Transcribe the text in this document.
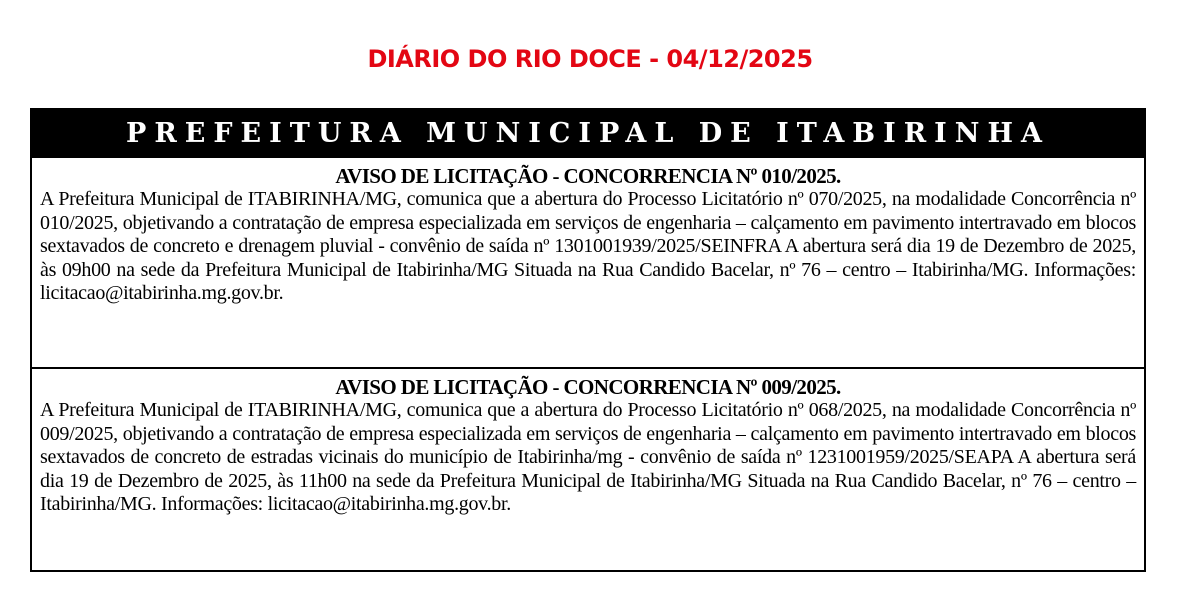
DIÁRIO DO RIO DOCE - 04/12/2025
PREFEITURA MUNICIPAL DE ITABIRINHA
AVISO DE LICITAÇÃO - CONCORRENCIA Nº 010/2025.

A Prefeitura Municipal de ITABIRINHA/MG, comunica que a abertura do Processo Licitatório nº 070/2025, na modalidade Concorrência nº 010/2025, objetivando a contratação de empresa especializada em serviços de engenharia – calçamento em pavimento intertravado em blocos sextavados de concreto e drenagem pluvial - convênio de saída nº 1301001939/2025/SEINFRA A abertura será dia 19 de Dezembro de 2025, às 09h00 na sede da Prefeitura Municipal de Itabirinha/MG Situada na Rua Candido Bacelar, nº 76 – centro – Itabirinha/MG. Informações: licitacao@itabirinha.mg.gov.br.

AVISO DE LICITAÇÃO - CONCORRENCIA Nº 009/2025.

A Prefeitura Municipal de ITABIRINHA/MG, comunica que a abertura do Processo Licitatório nº 068/2025, na modalidade Concorrência nº 009/2025, objetivando a contratação de empresa especializada em serviços de engenharia – calçamento em pavimento intertravado em blocos sextavados de concreto de estradas vicinais do município de Itabirinha/mg - convênio de saída nº 1231001959/2025/SEAPA A abertura será dia 19 de Dezembro de 2025, às 11h00 na sede da Prefeitura Municipal de Itabirinha/MG Situada na Rua Candido Bacelar, nº 76 – centro – Itabirinha/MG. Informações: licitacao@itabirinha.mg.gov.br.
